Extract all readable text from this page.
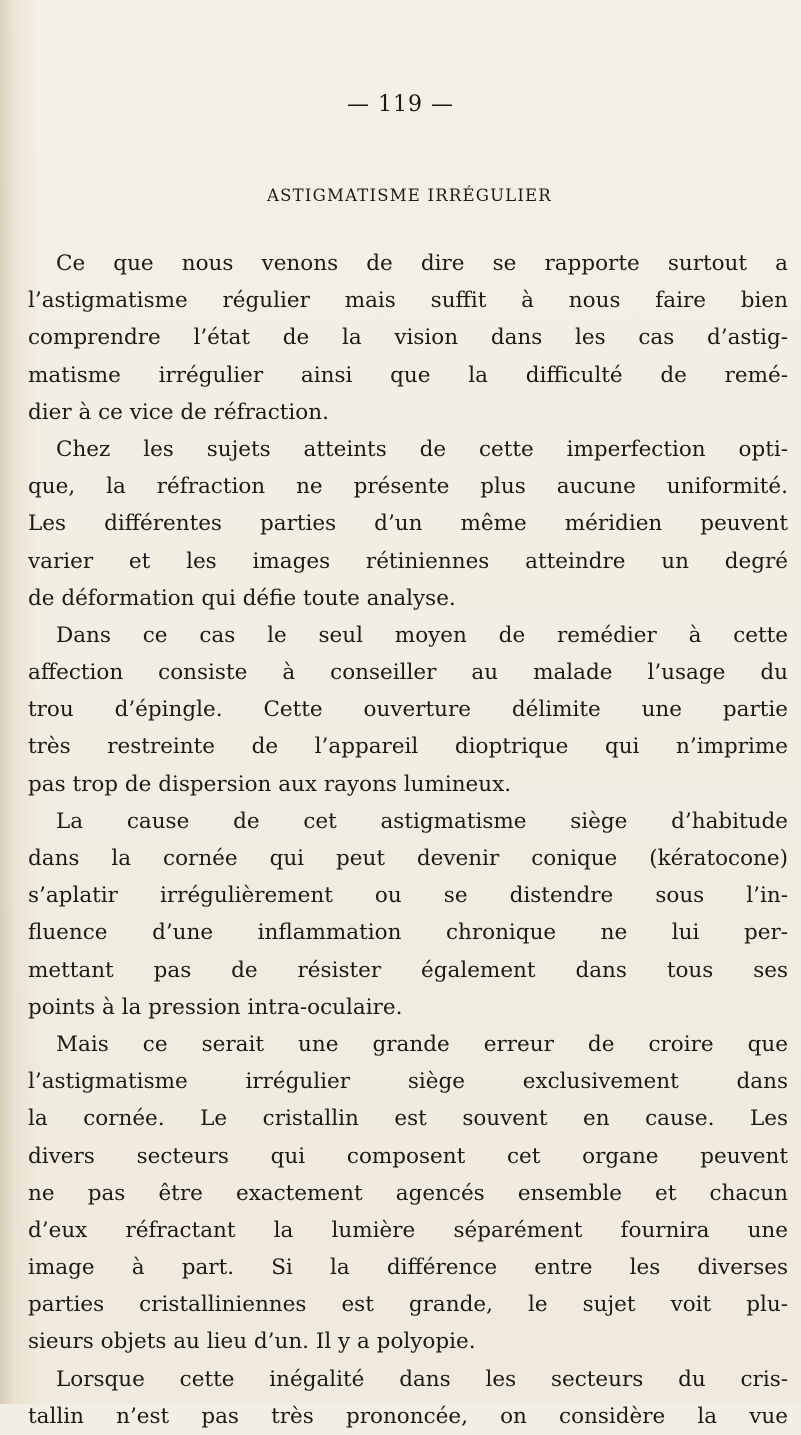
— 119 —
ASTIGMATISME IRRÉGULIER
Ce que nous venons de dire se rapporte surtout a
l’astigmatisme régulier mais suffit à nous faire bien
comprendre l’état de la vision dans les cas d’astig-
matisme irrégulier ainsi que la difficulté de remé-
dier à ce vice de réfraction.
Chez les sujets atteints de cette imperfection opti-
que, la réfraction ne présente plus aucune uniformité.
Les différentes parties d’un même méridien peuvent
varier et les images rétiniennes atteindre un degré
de déformation qui défie toute analyse.
Dans ce cas le seul moyen de remédier à cette
affection consiste à conseiller au malade l’usage du
trou d’épingle. Cette ouverture délimite une partie
très restreinte de l’appareil dioptrique qui n’imprime
pas trop de dispersion aux rayons lumineux.
La cause de cet astigmatisme siège d’habitude
dans la cornée qui peut devenir conique (kératocone)
s’aplatir irrégulièrement ou se distendre sous l’in-
fluence d’une inflammation chronique ne lui per-
mettant pas de résister également dans tous ses
points à la pression intra-oculaire.
Mais ce serait une grande erreur de croire que
l’astigmatisme irrégulier siège exclusivement dans
la cornée. Le cristallin est souvent en cause. Les
divers secteurs qui composent cet organe peuvent
ne pas être exactement agencés ensemble et chacun
d’eux réfractant la lumière séparément fournira une
image à part. Si la différence entre les diverses
parties cristalliniennes est grande, le sujet voit plu-
sieurs objets au lieu d’un. Il y a polyopie.
Lorsque cette inégalité dans les secteurs du cris-
tallin n’est pas très prononcée, on considère la vue
